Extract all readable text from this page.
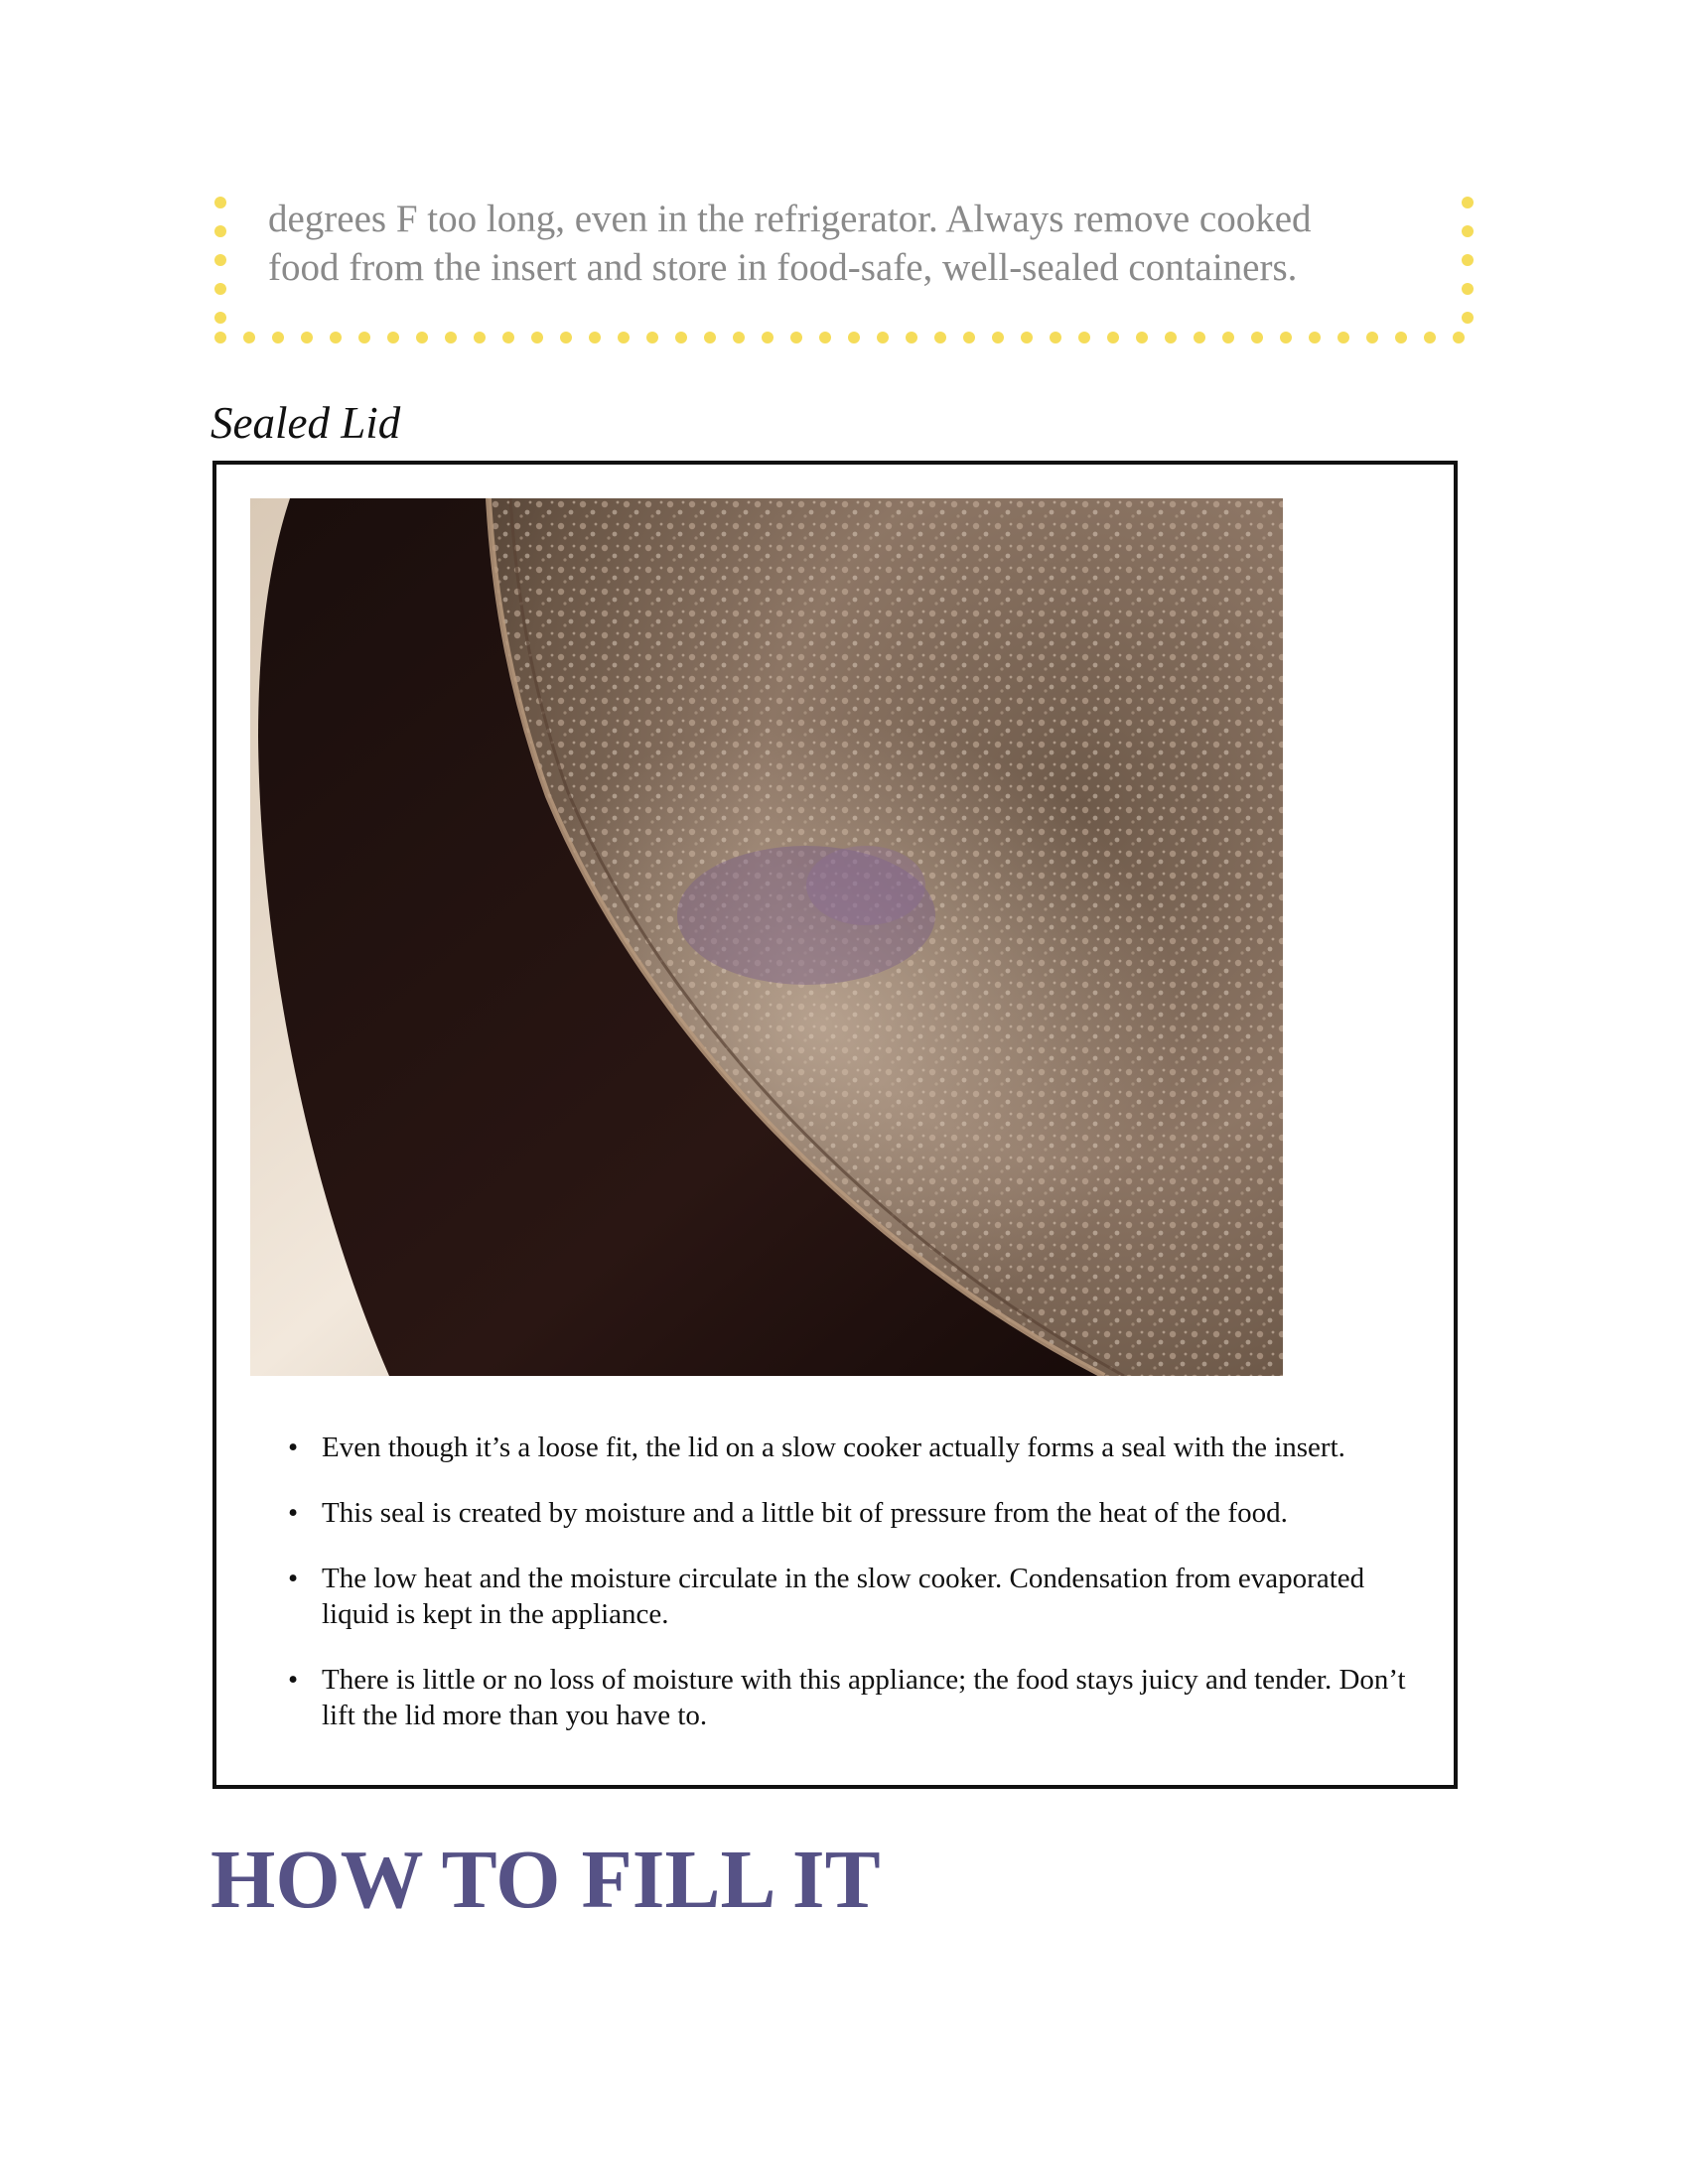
degrees F too long, even in the refrigerator. Always remove cooked
food from the insert and store in food-safe, well-sealed containers.
Sealed Lid
• Even though it’s a loose fit, the lid on a slow cooker actually forms a seal with the insert.
• This seal is created by moisture and a little bit of pressure from the heat of the food.
• The low heat and the moisture circulate in the slow cooker. Condensation from evaporated liquid is kept in the appliance.
• There is little or no loss of moisture with this appliance; the food stays juicy and tender. Don’t lift the lid more than you have to.
HOW TO FILL IT
